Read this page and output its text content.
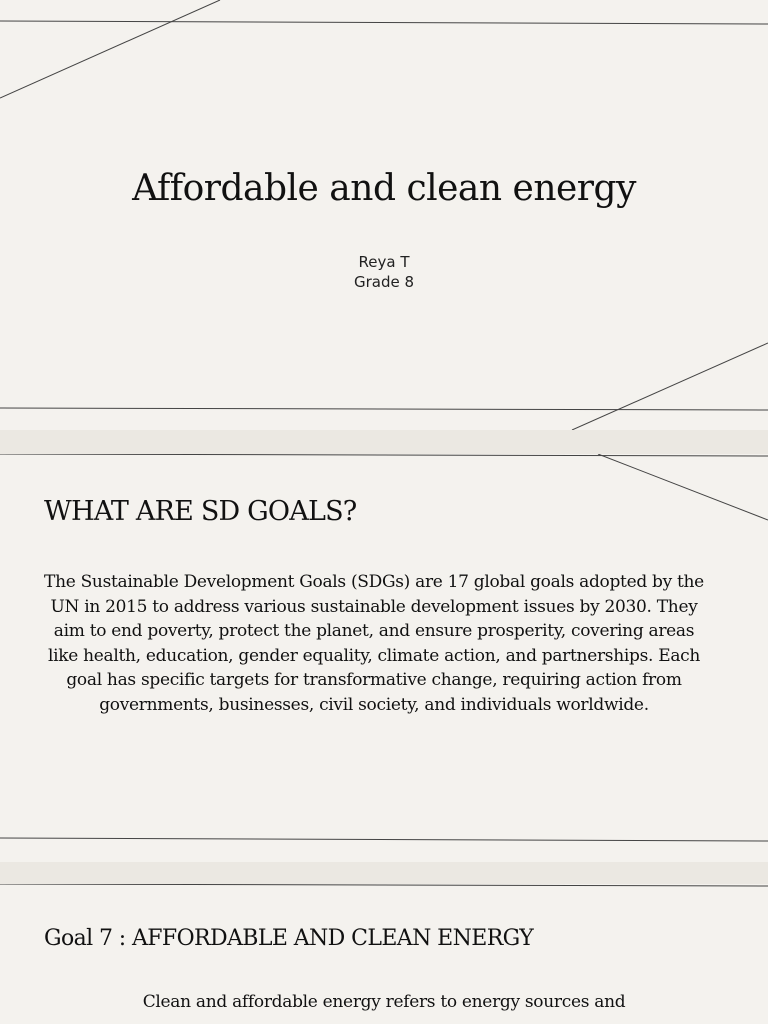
Affordable and clean energy
Reya T
Grade 8
WHAT ARE SD GOALS?

The Sustainable Development Goals (SDGs) are 17 global goals adopted by the UN in 2015 to address various sustainable development issues by 2030. They aim to end poverty, protect the planet, and ensure prosperity, covering areas like health, education, gender equality, climate action, and partnerships. Each goal has specific targets for transformative change, requiring action from governments, businesses, civil society, and individuals worldwide.

Goal 7 : AFFORDABLE AND CLEAN ENERGY

Clean and affordable energy refers to energy sources and
